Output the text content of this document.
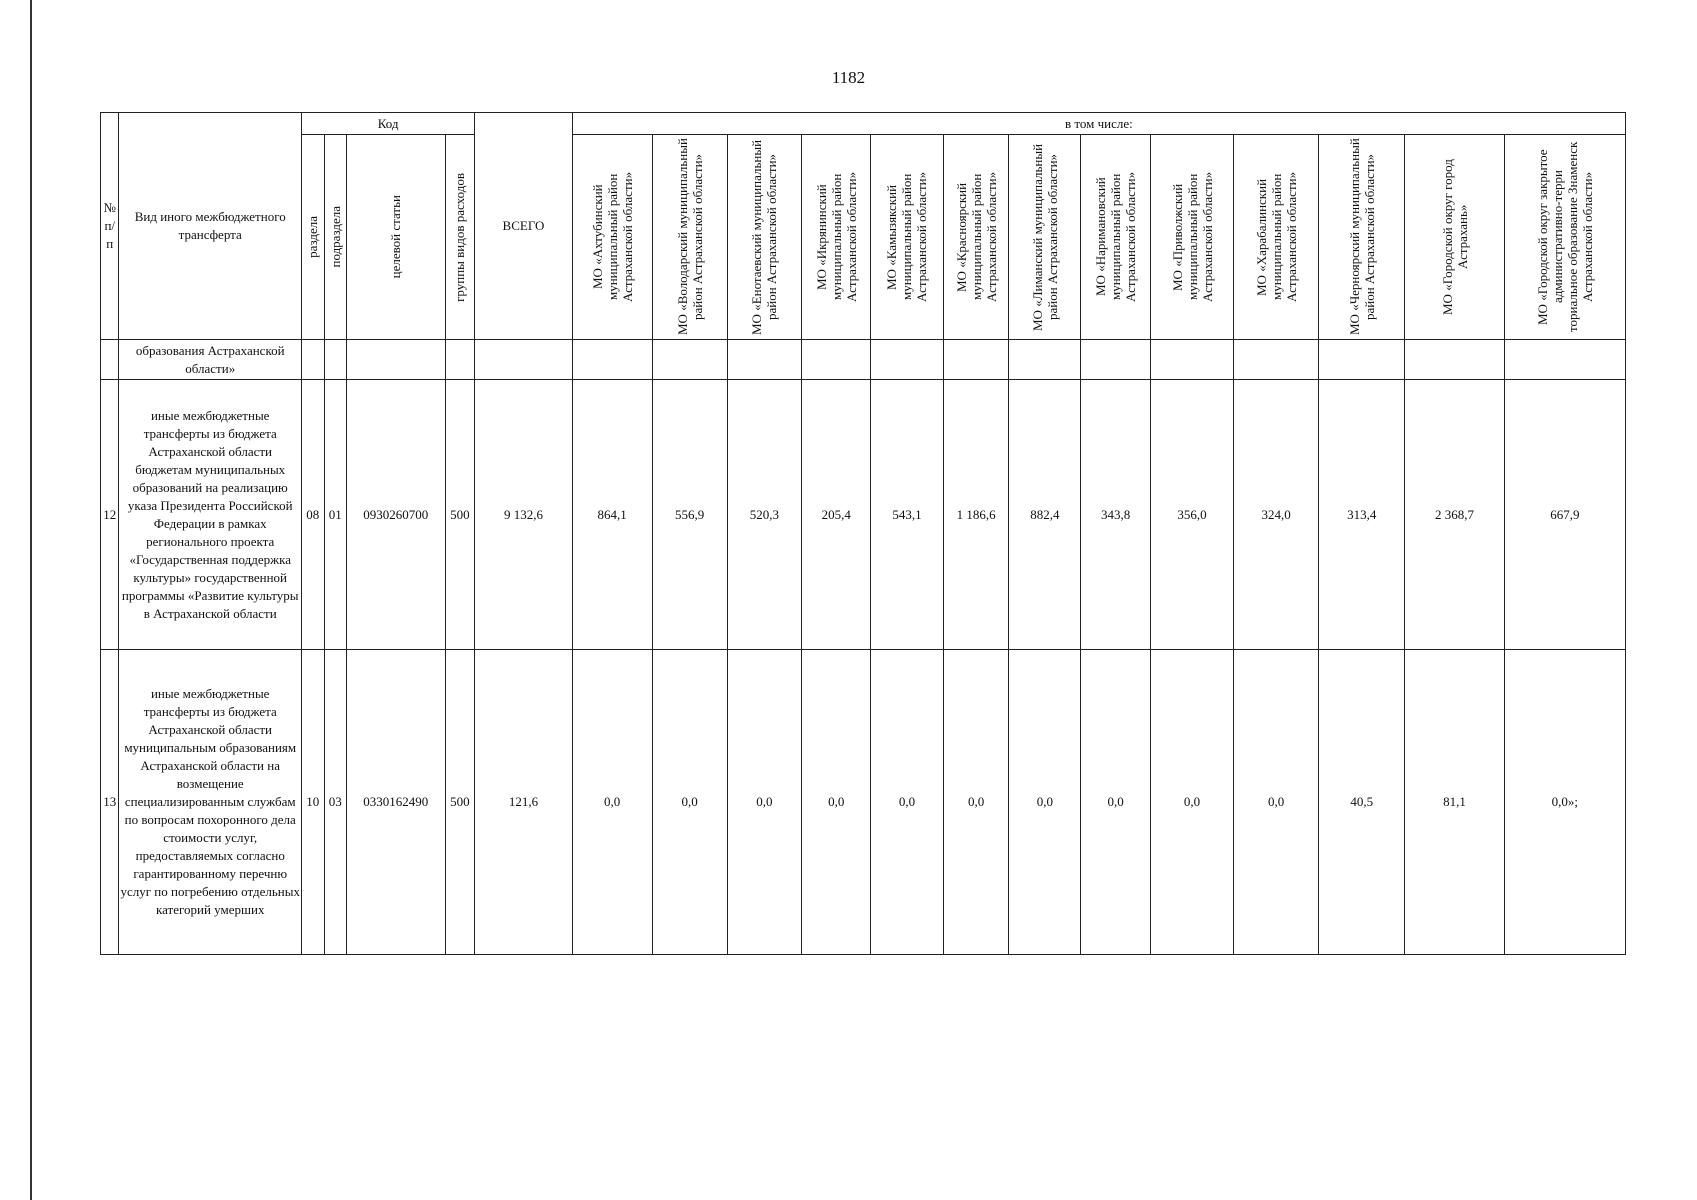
1182
№ п/п	Вид иного межбюджетного трансферта	Код				ВСЕГО	в том числе:												

		раздела	подраздела	целевой статьи	группы видов расходов		МО «Ахтубинский муниципальный район Астраханской области»	МО «Володарский муниципальный район Астраханской области»	МО «Енотаевский муниципальный район Астраханской области»	МО «Икрянинский муниципальный район Астраханской области»	МО «Камызякский муниципальный район Астраханской области»	МО «Красноярский муниципальный район Астраханской области»	МО «Лиманский муниципальный район Астраханской области»	МО «Наримановский муниципальный район Астраханской области»	МО «Приволжский муниципальный район Астраханской области»	МО «Харабалинский муниципальный район Астраханской области»	МО «Черноярский муниципальный район Астраханской области»	МО «Городской округ город Астрахань»	МО «Городской округ закрытое административно-терри ториальное образование Знаменск Астраханской области»

	образования Астраханской области»																		
12	иные межбюджетные трансферты из бюджета Астраханской области бюджетам муниципальных образований на реализацию указа Президента Российской Федерации в рамках регионального проекта «Государственная поддержка культуры» государственной программы «Развитие культуры в Астраханской области	08	01	0930260700	500	9 132,6	864,1	556,9	520,3	205,4	543,1	1 186,6	882,4	343,8	356,0	324,0	313,4	2 368,7	667,9
13	иные межбюджетные трансферты из бюджета Астраханской области муниципальным образованиям Астраханской области на возмещение специализированным службам по вопросам похоронного дела стоимости услуг, предоставляемых согласно гарантированному перечню услуг по погребению отдельных категорий умерших	10	03	0330162490	500	121,6	0,0	0,0	0,0	0,0	0,0	0,0	0,0	0,0	0,0	0,0	40,5	81,1	0,0»;
